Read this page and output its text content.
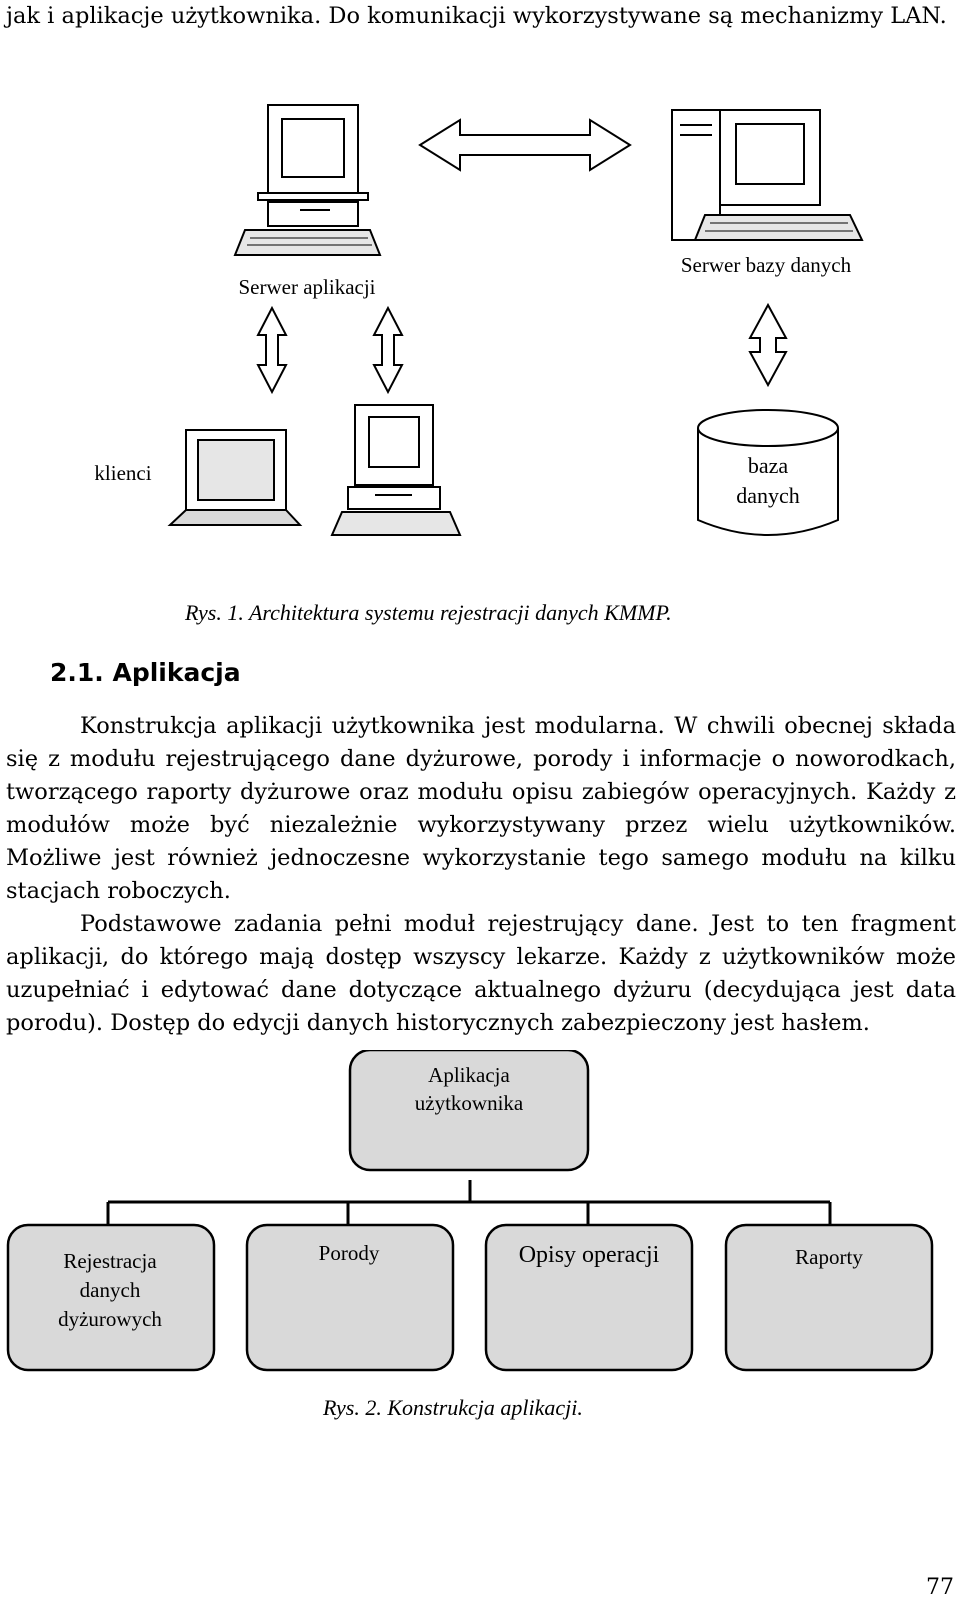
jak i aplikacje użytkownika. Do komunikacji wykorzystywane są mechanizmy LAN.

Serwer aplikacji
Serwer bazy danych
klienci	baza
danych
Rys. 1. Architektura systemu rejestracji danych KMMP.
2.1. Aplikacja

Konstrukcja aplikacji użytkownika jest modularna. W chwili obecnej składa się z modułu rejestrującego dane dyżurowe, porody i informacje o noworodkach, tworzącego raporty dyżurowe oraz modułu opisu zabiegów operacyjnych. Każdy z modułów może być niezależnie wykorzystywany przez wielu użytkowników. Możliwe jest również jednoczesne wykorzystanie tego samego modułu na kilku stacjach roboczych.

Podstawowe zadania pełni moduł rejestrujący dane. Jest to ten fragment aplikacji, do którego mają dostęp wszyscy lekarze. Każdy z użytkowników może uzupełniać i edytować dane dotyczące aktualnego dyżuru (decydująca jest data porodu). Dostęp do edycji danych historycznych zabezpieczony jest hasłem.

Aplikacja
użytkownika
Rejestracja
danych
dyżurowych
Porody	Opisy operacji	Raporty
Rys. 2. Konstrukcja aplikacji.
77
